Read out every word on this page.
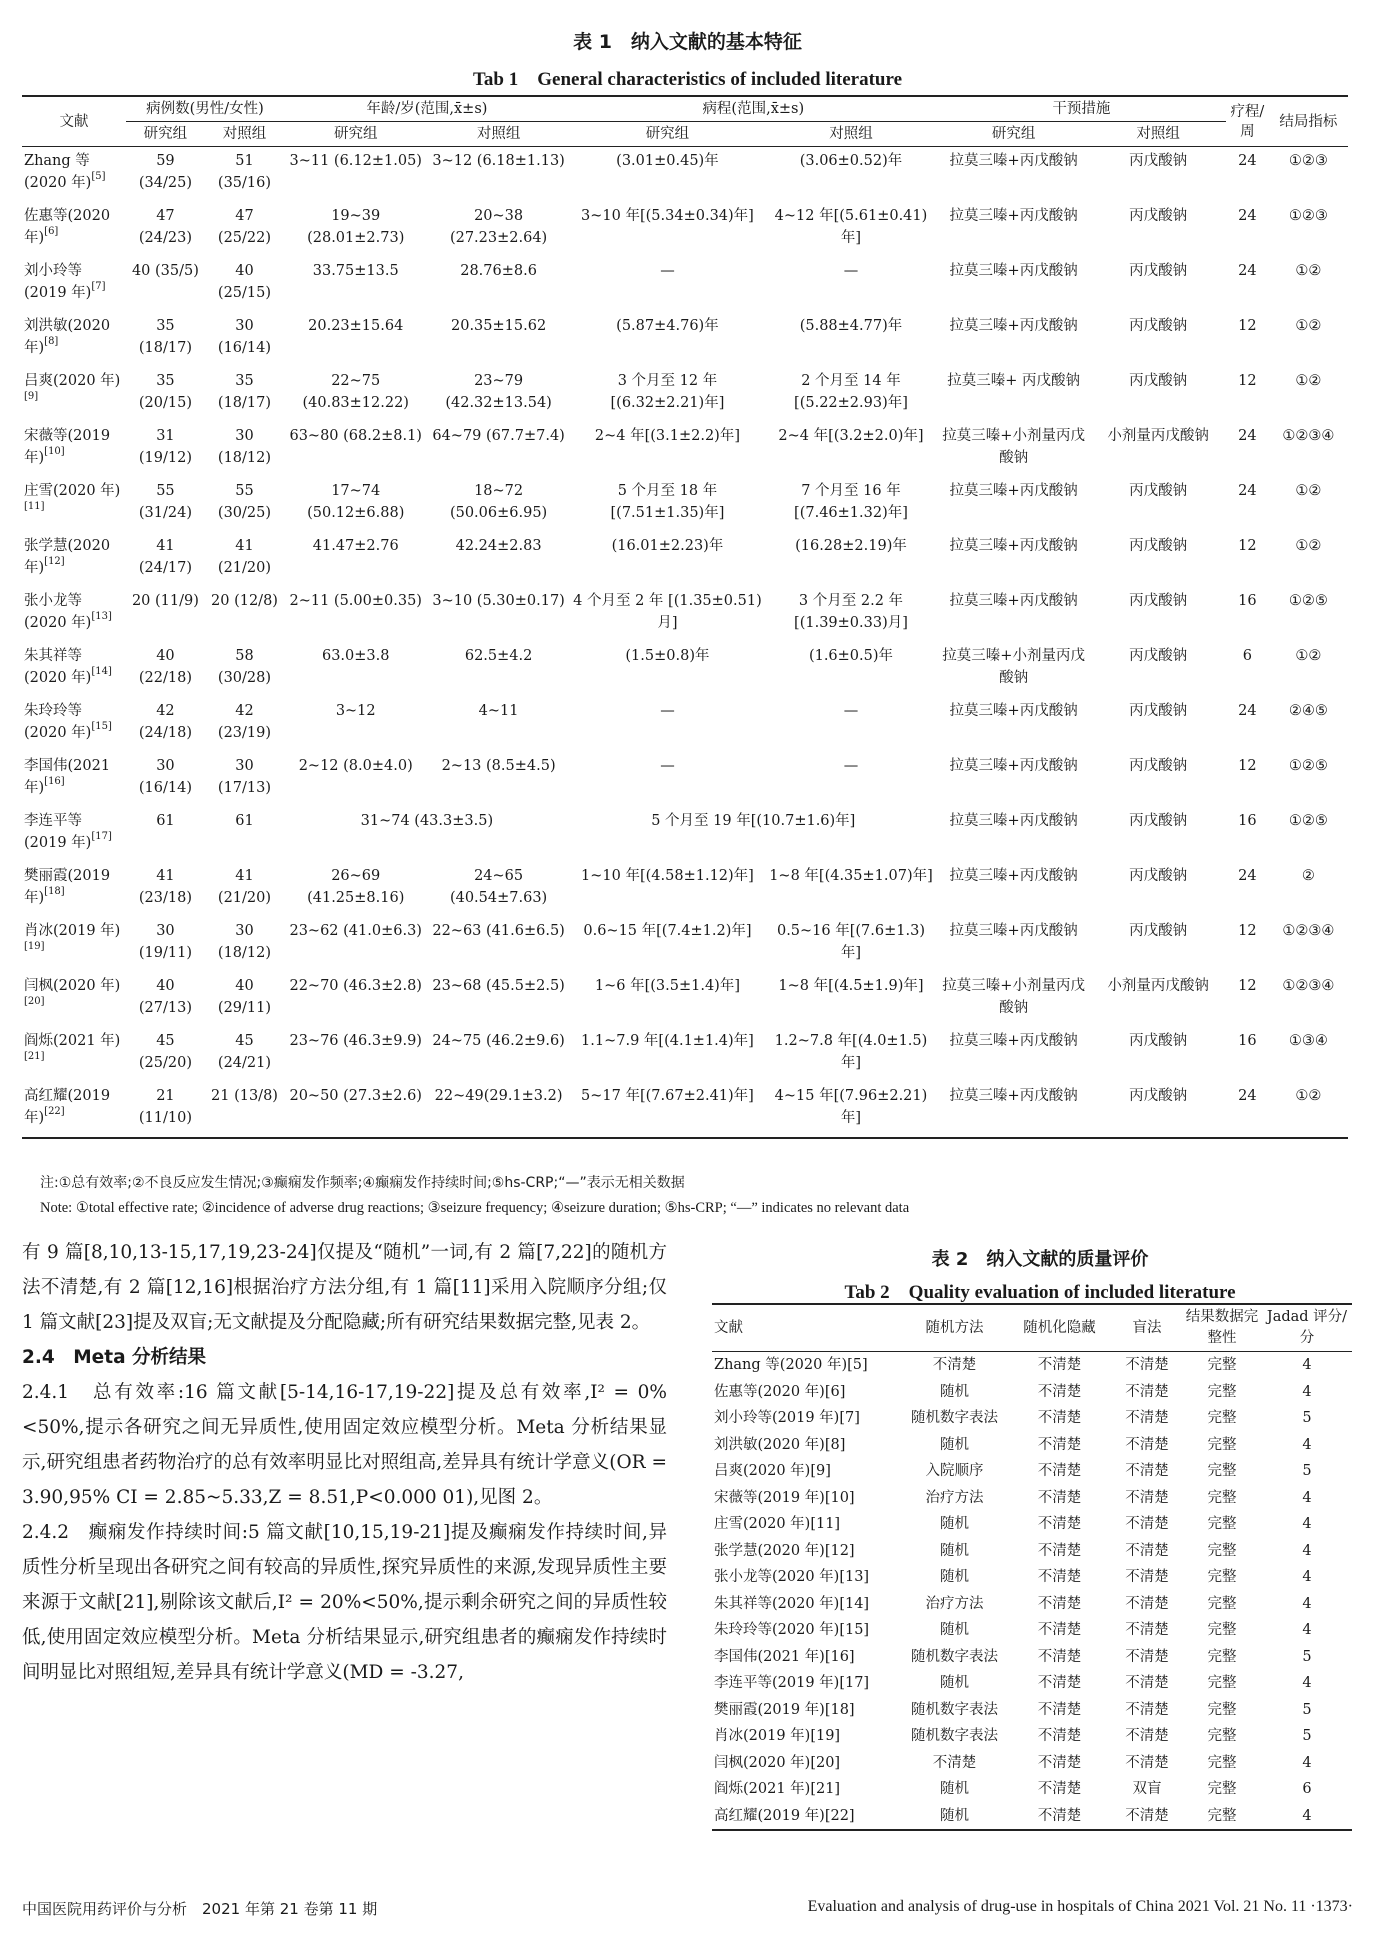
表 1　纳入文献的基本特征
Tab 1　General characteristics of included literature
文献	病例数(男性/女性)		年龄/岁(范围,x̄±s)		病程(范围,x̄±s)		干预措施		疗程/周	结局指标
	研究组	对照组	研究组	对照组	研究组	对照组	研究组	对照组		
Zhang 等(2020 年)[5]	59 (34/25)	51 (35/16)	3~11 (6.12±1.05)	3~12 (6.18±1.13)	(3.01±0.45)年	(3.06±0.52)年	拉莫三嗪+丙戊酸钠	丙戊酸钠	24	①②③
佐惠等(2020 年)[6]	47 (24/23)	47 (25/22)	19~39 (28.01±2.73)	20~38 (27.23±2.64)	3~10 年[(5.34±0.34)年]	4~12 年[(5.61±0.41)年]	拉莫三嗪+丙戊酸钠	丙戊酸钠	24	①②③
刘小玲等(2019 年)[7]	40 (35/5)	40 (25/15)	33.75±13.5	28.76±8.6	—	—	拉莫三嗪+丙戊酸钠	丙戊酸钠	24	①②
刘洪敏(2020 年)[8]	35 (18/17)	30 (16/14)	20.23±15.64	20.35±15.62	(5.87±4.76)年	(5.88±4.77)年	拉莫三嗪+丙戊酸钠	丙戊酸钠	12	①②
吕爽(2020 年)[9]	35 (20/15)	35 (18/17)	22~75 (40.83±12.22)	23~79 (42.32±13.54)	3 个月至 12 年 [(6.32±2.21)年]	2 个月至 14 年 [(5.22±2.93)年]	拉莫三嗪+ 丙戊酸钠	丙戊酸钠	12	①②
宋薇等(2019 年)[10]	31 (19/12)	30 (18/12)	63~80 (68.2±8.1)	64~79 (67.7±7.4)	2~4 年[(3.1±2.2)年]	2~4 年[(3.2±2.0)年]	拉莫三嗪+小剂量丙戊酸钠	小剂量丙戊酸钠	24	①②③④
庄雪(2020 年)[11]	55 (31/24)	55 (30/25)	17~74 (50.12±6.88)	18~72 (50.06±6.95)	5 个月至 18 年 [(7.51±1.35)年]	7 个月至 16 年 [(7.46±1.32)年]	拉莫三嗪+丙戊酸钠	丙戊酸钠	24	①②
张学慧(2020 年)[12]	41 (24/17)	41 (21/20)	41.47±2.76	42.24±2.83	(16.01±2.23)年	(16.28±2.19)年	拉莫三嗪+丙戊酸钠	丙戊酸钠	12	①②
张小龙等(2020 年)[13]	20 (11/9)	20 (12/8)	2~11 (5.00±0.35)	3~10 (5.30±0.17)	4 个月至 2 年 [(1.35±0.51)月]	3 个月至 2.2 年 [(1.39±0.33)月]	拉莫三嗪+丙戊酸钠	丙戊酸钠	16	①②⑤
朱其祥等(2020 年)[14]	40 (22/18)	58 (30/28)	63.0±3.8	62.5±4.2	(1.5±0.8)年	(1.6±0.5)年	拉莫三嗪+小剂量丙戊酸钠	丙戊酸钠	6	①②
朱玲玲等(2020 年)[15]	42 (24/18)	42 (23/19)	3~12	4~11	—	—	拉莫三嗪+丙戊酸钠	丙戊酸钠	24	②④⑤
李国伟(2021 年)[16]	30 (16/14)	30 (17/13)	2~12 (8.0±4.0)	2~13 (8.5±4.5)	—	—	拉莫三嗪+丙戊酸钠	丙戊酸钠	12	①②⑤
李连平等(2019 年)[17]	61	61	31~74 (43.3±3.5)		5 个月至 19 年[(10.7±1.6)年]		拉莫三嗪+丙戊酸钠	丙戊酸钠	16	①②⑤
樊丽霞(2019 年)[18]	41 (23/18)	41 (21/20)	26~69 (41.25±8.16)	24~65 (40.54±7.63)	1~10 年[(4.58±1.12)年]	1~8 年[(4.35±1.07)年]	拉莫三嗪+丙戊酸钠	丙戊酸钠	24	②
肖冰(2019 年)[19]	30 (19/11)	30 (18/12)	23~62 (41.0±6.3)	22~63 (41.6±6.5)	0.6~15 年[(7.4±1.2)年]	0.5~16 年[(7.6±1.3)年]	拉莫三嗪+丙戊酸钠	丙戊酸钠	12	①②③④
闫枫(2020 年)[20]	40 (27/13)	40 (29/11)	22~70 (46.3±2.8)	23~68 (45.5±2.5)	1~6 年[(3.5±1.4)年]	1~8 年[(4.5±1.9)年]	拉莫三嗪+小剂量丙戊酸钠	小剂量丙戊酸钠	12	①②③④
阎烁(2021 年)[21]	45 (25/20)	45 (24/21)	23~76 (46.3±9.9)	24~75 (46.2±9.6)	1.1~7.9 年[(4.1±1.4)年]	1.2~7.8 年[(4.0±1.5)年]	拉莫三嗪+丙戊酸钠	丙戊酸钠	16	①③④
高红耀(2019 年)[22]	21 (11/10)	21 (13/8)	20~50 (27.3±2.6)	22~49(29.1±3.2)	5~17 年[(7.67±2.41)年]	4~15 年[(7.96±2.21)年]	拉莫三嗪+丙戊酸钠	丙戊酸钠	24	①②
注:①总有效率;②不良反应发生情况;③癫痫发作频率;④癫痫发作持续时间;⑤hs-CRP;“—”表示无相关数据
Note: ①total effective rate; ②incidence of adverse drug reactions; ③seizure frequency; ④seizure duration; ⑤hs-CRP; “—” indicates no relevant data

有 9 篇[8,10,13-15,17,19,23-24]仅提及“随机”一词,有 2 篇[7,22]的随机方法不清楚,有 2 篇[12,16]根据治疗方法分组,有 1 篇[11]采用入院顺序分组;仅 1 篇文献[23]提及双盲;无文献提及分配隐藏;所有研究结果数据完整,见表 2。

2.4　Meta 分析结果

2.4.1　总有效率:16 篇文献[5-14,16-17,19-22]提及总有效率,I² = 0%<50%,提示各研究之间无异质性,使用固定效应模型分析。Meta 分析结果显示,研究组患者药物治疗的总有效率明显比对照组高,差异具有统计学意义(OR = 3.90,95% CI = 2.85~5.33,Z = 8.51,P<0.000 01),见图 2。

2.4.2　癫痫发作持续时间:5 篇文献[10,15,19-21]提及癫痫发作持续时间,异质性分析呈现出各研究之间有较高的异质性,探究异质性的来源,发现异质性主要来源于文献[21],剔除该文献后,I² = 20%<50%,提示剩余研究之间的异质性较低,使用固定效应模型分析。Meta 分析结果显示,研究组患者的癫痫发作持续时间明显比对照组短,差异具有统计学意义(MD = -3.27,

表 2　纳入文献的质量评价
Tab 2　Quality evaluation of included literature
文献	随机方法	随机化隐藏	盲法	结果数据完整性	Jadad 评分/分
Zhang 等(2020 年)[5]	不清楚	不清楚	不清楚	完整	4
佐惠等(2020 年)[6]	随机	不清楚	不清楚	完整	4
刘小玲等(2019 年)[7]	随机数字表法	不清楚	不清楚	完整	5
刘洪敏(2020 年)[8]	随机	不清楚	不清楚	完整	4
吕爽(2020 年)[9]	入院顺序	不清楚	不清楚	完整	5
宋薇等(2019 年)[10]	治疗方法	不清楚	不清楚	完整	4
庄雪(2020 年)[11]	随机	不清楚	不清楚	完整	4
张学慧(2020 年)[12]	随机	不清楚	不清楚	完整	4
张小龙等(2020 年)[13]	随机	不清楚	不清楚	完整	4
朱其祥等(2020 年)[14]	治疗方法	不清楚	不清楚	完整	4
朱玲玲等(2020 年)[15]	随机	不清楚	不清楚	完整	4
李国伟(2021 年)[16]	随机数字表法	不清楚	不清楚	完整	5
李连平等(2019 年)[17]	随机	不清楚	不清楚	完整	4
樊丽霞(2019 年)[18]	随机数字表法	不清楚	不清楚	完整	5
肖冰(2019 年)[19]	随机数字表法	不清楚	不清楚	完整	5
闫枫(2020 年)[20]	不清楚	不清楚	不清楚	完整	4
阎烁(2021 年)[21]	随机	不清楚	双盲	完整	6
高红耀(2019 年)[22]	随机	不清楚	不清楚	完整	4
中国医院用药评价与分析　2021 年第 21 卷第 11 期	Evaluation and analysis of drug-use in hospitals of China 2021 Vol. 21 No. 11 ·1373·
